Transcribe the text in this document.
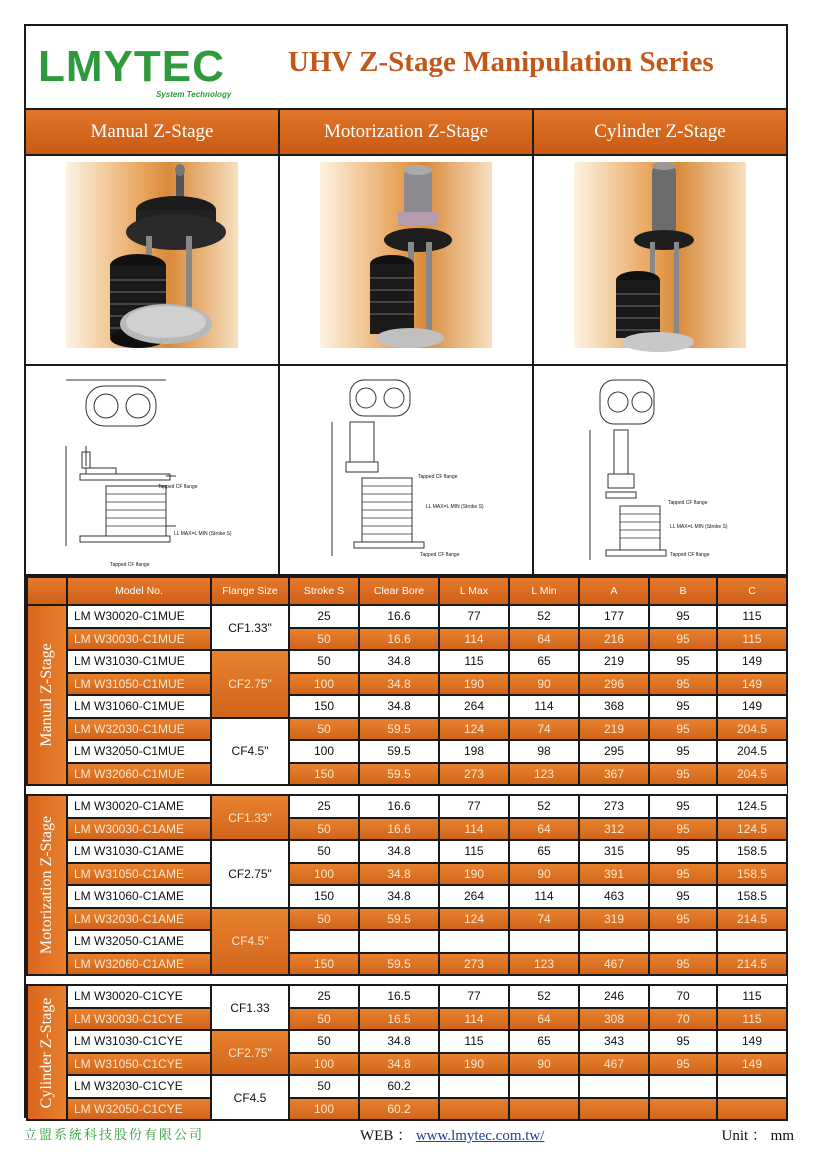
LMYTEC
System Technology
UHV Z-Stage Manipulation Series
Manual Z-Stage	Motorization Z-Stage	Cylinder Z-Stage
Tapped CF flange
LL MAX=L MIN (Stroke S)
Tapped CF flange
Tapped CF flange
LL MAX=L MIN (Stroke S)
Tapped CF flange
Tapped CF flange
LL MAX=L MIN (Stroke S)
Tapped CF flange
	Model No.	Flange Size	Stroke S	Clear Bore	L Max	L Min	A	B	C

Manual Z-Stage	LM W30020-C1MUE	CF1.33"	25	16.6	77	52	177	95	115
	LM W30030-C1MUE		50	16.6	114	64	216	95	115
	LM W31030-C1MUE	CF2.75"	50	34.8	115	65	219	95	149
	LM W31050-C1MUE		100	34.8	190	90	296	95	149
	LM W31060-C1MUE		150	34.8	264	114	368	95	149
	LM W32030-C1MUE	CF4.5"	50	59.5	124	74	219	95	204.5
	LM W32050-C1MUE		100	59.5	198	98	295	95	204.5
	LM W32060-C1MUE		150	59.5	273	123	367	95	204.5

Motorization Z-Stage	LM W30020-C1AME	CF1.33"	25	16.6	77	52	273	95	124.5
	LM W30030-C1AME		50	16.6	114	64	312	95	124.5
	LM W31030-C1AME	CF2.75"	50	34.8	115	65	315	95	158.5
	LM W31050-C1AME		100	34.8	190	90	391	95	158.5
	LM W31060-C1AME		150	34.8	264	114	463	95	158.5
	LM W32030-C1AME	CF4.5"	50	59.5	124	74	319	95	214.5
	LM W32050-C1AME								
	LM W32060-C1AME		150	59.5	273	123	467	95	214.5

Cylinder Z-Stage	LM W30020-C1CYE	CF1.33	25	16.5	77	52	246	70	115
	LM W30030-C1CYE		50	16.5	114	64	308	70	115
	LM W31030-C1CYE	CF2.75"	50	34.8	115	65	343	95	149
	LM W31050-C1CYE		100	34.8	190	90	467	95	149
	LM W32030-C1CYE	CF4.5	50	60.2					
	LM W32050-C1CYE		100	60.2					
立盟系統科技股份有限公司	WEB ： www.lmytec.com.tw/	Unit ： mm
